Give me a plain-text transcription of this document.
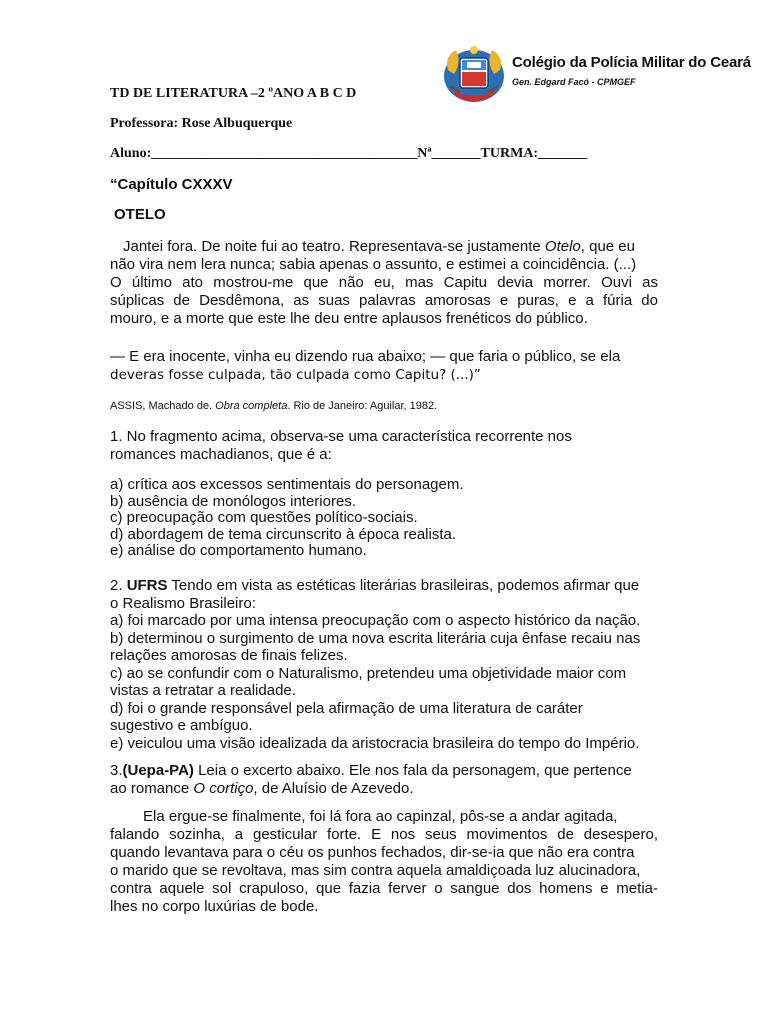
Colégio da Polícia Militar do Ceará
Gen. Edgard Facó - CPMGEF
TD DE LITERATURA –2 ºANO A B C D
Professora: Rose Albuquerque
Aluno:______________________________________Nª_______TURMA:_______
“Capítulo CXXXV
OTELO
Jantei fora. De noite fui ao teatro. Representava-se justamente Otelo, que eu
não vira nem lera nunca; sabia apenas o assunto, e estimei a coincidência. (...)
O último ato mostrou-me que não eu, mas Capitu devia morrer. Ouvi as
súplicas de Desdêmona, as suas palavras amorosas e puras, e a fúria do
mouro, e a morte que este lhe deu entre aplausos frenéticos do público.
— E era inocente, vinha eu dizendo rua abaixo; — que faria o público, se ela
deveras fosse culpada, tão culpada como Capitu? (...)”
ASSIS, Machado de. Obra completa. Rio de Janeiro: Aguilar, 1982.
1. No fragmento acima, observa-se uma característica recorrente nos
romances machadianos, que é a:
a) crítica aos excessos sentimentais do personagem.
b) ausência de monólogos interiores.
c) preocupação com questões político-sociais.
d) abordagem de tema circunscrito à época realista.
e) análise do comportamento humano.
2. UFRS Tendo em vista as estéticas literárias brasileiras, podemos afirmar que
o Realismo Brasileiro:
a) foi marcado por uma intensa preocupação com o aspecto histórico da nação.
b) determinou o surgimento de uma nova escrita literária cuja ênfase recaiu nas
relações amorosas de finais felizes.
c) ao se confundir com o Naturalismo, pretendeu uma objetividade maior com
vistas a retratar a realidade.
d) foi o grande responsável pela afirmação de uma literatura de caráter
sugestivo e ambíguo.
e) veiculou uma visão idealizada da aristocracia brasileira do tempo do Império.
3.(Uepa-PA) Leia o excerto abaixo. Ele nos fala da personagem, que pertence
ao romance O cortiço, de Aluísio de Azevedo.
Ela ergue-se finalmente, foi lá fora ao capinzal, pôs-se a andar agitada,
falando sozinha, a gesticular forte. E nos seus movimentos de desespero,
quando levantava para o céu os punhos fechados, dir-se-ia que não era contra
o marido que se revoltava, mas sim contra aquela amaldiçoada luz alucinadora,
contra aquele sol crapuloso, que fazia ferver o sangue dos homens e metia-
lhes no corpo luxúrias de bode.
